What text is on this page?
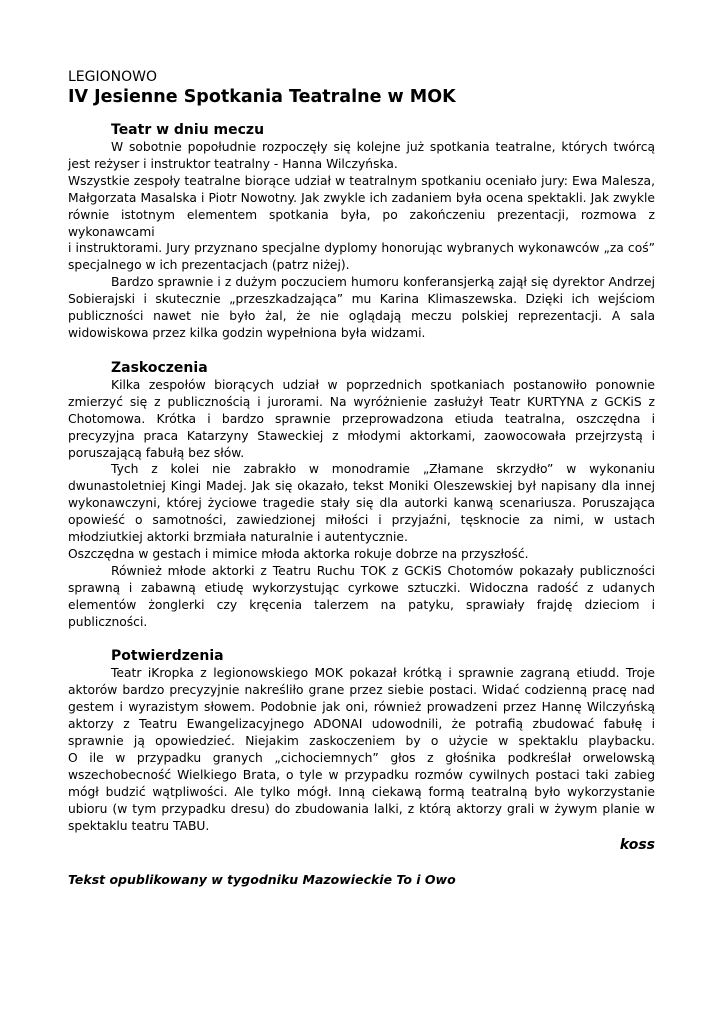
LEGIONOWO

IV Jesienne Spotkania Teatralne w MOK
Teatr w dniu meczu

W sobotnie popołudnie rozpoczęły się kolejne już spotkania teatralne, których twórcą jest reżyser i instruktor teatralny - Hanna Wilczyńska.

Wszystkie zespoły teatralne biorące udział w teatralnym spotkaniu oceniało jury: Ewa Malesza, Małgorzata Masalska i Piotr Nowotny. Jak zwykle ich zadaniem była ocena spektakli. Jak zwykle równie istotnym elementem spotkania była, po zakończeniu prezentacji, rozmowa z wykonawcami

i instruktorami. Jury przyznano specjalne dyplomy honorując wybranych wykonawców „za coś” specjalnego w ich prezentacjach (patrz niżej).

Bardzo sprawnie i z dużym poczuciem humoru konferansjerką zajął się dyrektor Andrzej Sobierajski i skutecznie „przeszkadzająca” mu Karina Klimaszewska. Dzięki ich wejściom publiczności nawet nie było żal, że nie oglądają meczu polskiej reprezentacji. A sala widowiskowa przez kilka godzin wypełniona była widzami.

Zaskoczenia

Kilka zespołów biorących udział w poprzednich spotkaniach postanowiło ponownie zmierzyć się z publicznością i jurorami. Na wyróżnienie zasłużył Teatr KURTYNA z GCKiS z Chotomowa. Krótka i bardzo sprawnie przeprowadzona etiuda teatralna, oszczędna i precyzyjna praca Katarzyny Staweckiej z młodymi aktorkami, zaowocowała przejrzystą i poruszającą fabułą bez słów.

Tych z kolei nie zabrakło w monodramie „Złamane skrzydło” w wykonaniu dwunastoletniej Kingi Madej. Jak się okazało, tekst Moniki Oleszewskiej był napisany dla innej wykonawczyni, której życiowe tragedie stały się dla autorki kanwą scenariusza. Poruszająca opowieść o samotności, zawiedzionej miłości i przyjaźni, tęsknocie za nimi, w ustach młodziutkiej aktorki brzmiała naturalnie i autentycznie.

Oszczędna w gestach i mimice młoda aktorka rokuje dobrze na przyszłość.

Również młode aktorki z Teatru Ruchu TOK z GCKiS Chotomów pokazały publiczności sprawną i zabawną etiudę wykorzystując cyrkowe sztuczki. Widoczna radość z udanych elementów żonglerki czy kręcenia talerzem na patyku, sprawiały frajdę dzieciom i publiczności.

Potwierdzenia

Teatr iKropka z legionowskiego MOK pokazał krótką i sprawnie zagraną etiudd. Troje aktorów bardzo precyzyjnie nakreśliło grane przez siebie postaci. Widać codzienną pracę nad gestem i wyrazistym słowem. Podobnie jak oni, również prowadzeni przez Hannę Wilczyńską aktorzy z Teatru Ewangelizacyjnego ADONAI udowodnili, że potrafią zbudować fabułę i sprawnie ją opowiedzieć. Niejakim zaskoczeniem by o użycie w spektaklu playbacku.

O ile w przypadku granych „cichociemnych” głos z głośnika podkreślał orwelowską wszechobecność Wielkiego Brata, o tyle w przypadku rozmów cywilnych postaci taki zabieg mógł budzić wątpliwości. Ale tylko mógł. Inną ciekawą formą teatralną było wykorzystanie ubioru (w tym przypadku dresu) do zbudowania lalki, z którą aktorzy grali w żywym planie w spektaklu teatru TABU.

koss

Tekst opublikowany w tygodniku Mazowieckie To i Owo
